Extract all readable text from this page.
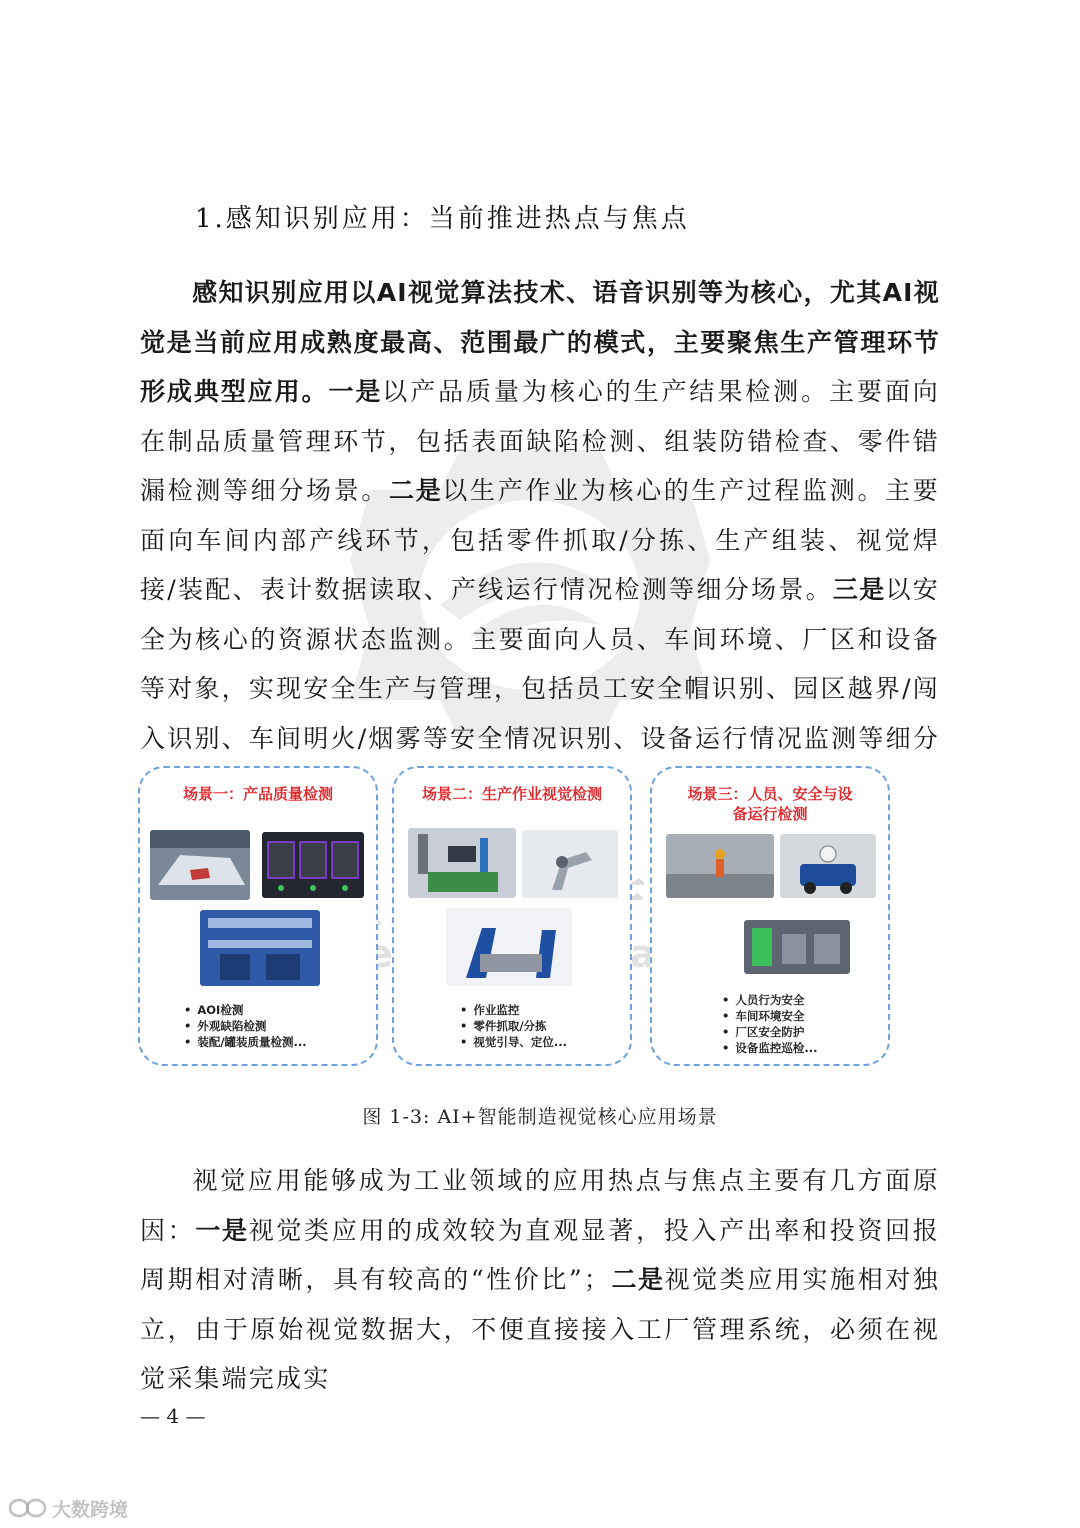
1.感知识别应用：当前推进热点与焦点
感知识别应用以AI视觉算法技术、语音识别等为核心，尤其AI视觉是当前应用成熟度最高、范围最广的模式，主要聚焦生产管理环节形成典型应用。一是以产品质量为核心的生产结果检测。主要面向在制品质量管理环节，包括表面缺陷检测、组装防错检查、零件错漏检测等细分场景。二是以生产作业为核心的生产过程监测。主要面向车间内部产线环节，包括零件抓取/分拣、生产组装、视觉焊接/装配、表计数据读取、产线运行情况检测等细分场景。三是以安全为核心的资源状态监测。主要面向人员、车间环境、厂区和设备等对象，实现安全生产与管理，包括员工安全帽识别、园区越界/闯入识别、车间明火/烟雾等安全情况识别、设备运行情况监测等细分
场景一：产品质量检测
• AOI检测
• 外观缺陷检测
• 装配/罐装质量检测...
场景二：生产作业视觉检测
• 作业监控
• 零件抓取/分拣
• 视觉引导、定位...
场景三：人员、安全与设
备运行检测
• 人员行为安全
• 车间环境安全
• 厂区安全防护
• 设备监控巡检...
图 1-3: AI+智能制造视觉核心应用场景
视觉应用能够成为工业领域的应用热点与焦点主要有几方面原因：一是视觉类应用的成效较为直观显著，投入产出率和投资回报周期相对清晰，具有较高的“性价比”；二是视觉类应用实施相对独立，由于原始视觉数据大，不便直接接入工厂管理系统，必须在视觉采集端完成实
— 4 —
大数跨境
